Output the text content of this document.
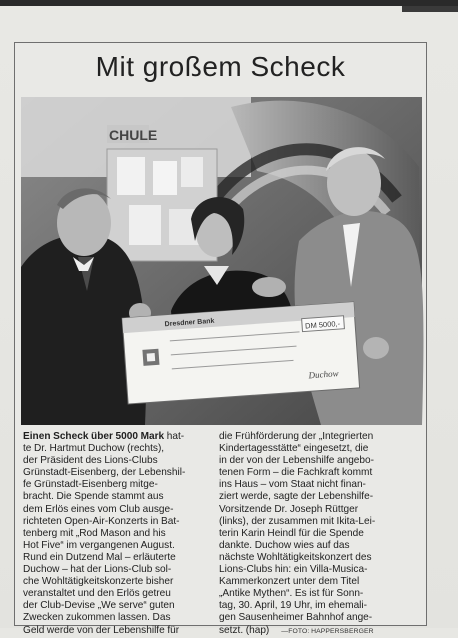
Mit großem Scheck
CHULE
Dresdner Bank	DM 5000,-
Duchow
Einen Scheck über 5000 Mark hat-
te Dr. Hartmut Duchow (rechts),
der Präsident des Lions-Clubs
Grünstadt-Eisenberg, der Lebenshil-
fe Grünstadt-Eisenberg mitge-
bracht. Die Spende stammt aus
dem Erlös eines vom Club ausge-
richteten Open-Air-Konzerts in Bat-
tenberg mit „Rod Mason and his
Hot Five“ im vergangenen August.
Rund ein Dutzend Mal – erläuterte
Duchow – hat der Lions-Club sol-
che Wohltätigkeitskonzerte bisher
veranstaltet und den Erlös getreu
der Club-Devise „We serve“ guten
Zwecken zukommen lassen. Das
Geld werde von der Lebenshilfe für
die Frühförderung der „Integrierten
Kindertagesstätte“ eingesetzt, die
in der von der Lebenshilfe angebo-
tenen Form – die Fachkraft kommt
ins Haus – vom Staat nicht finan-
ziert werde, sagte der Lebenshilfe-
Vorsitzende Dr. Joseph Rüttger
(links), der zusammen mit Ikita-Lei-
terin Karin Heindl für die Spende
dankte. Duchow wies auf das
nächste Wohltätigkeitskonzert des
Lions-Clubs hin: ein Villa-Musica-
Kammerkonzert unter dem Titel
„Antike Mythen“. Es ist für Sonn-
tag, 30. April, 19 Uhr, im ehemali-
gen Sausenheimer Bahnhof ange-
setzt. (hap) —FOTO: HAPPERSBERGER
